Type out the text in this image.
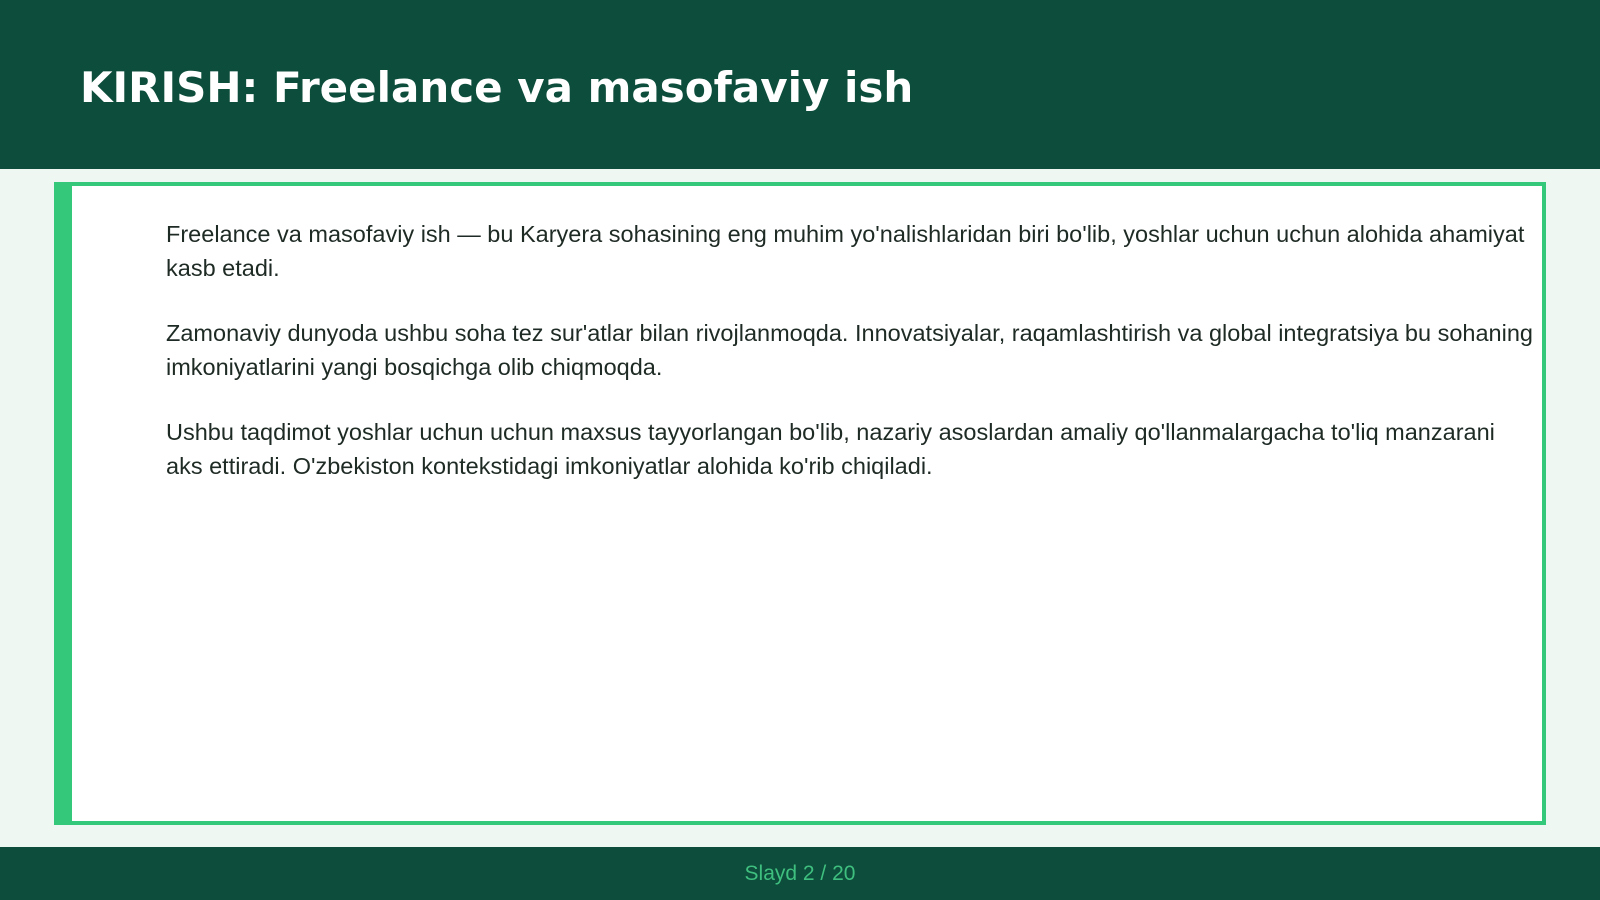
KIRISH: Freelance va masofaviy ish

Freelance va masofaviy ish — bu Karyera sohasining eng muhim yo'nalishlaridan biri bo'lib, yoshlar uchun uchun alohida ahamiyat kasb etadi.

Zamonaviy dunyoda ushbu soha tez sur'atlar bilan rivojlanmoqda. Innovatsiyalar, raqamlashtirish va global integratsiya bu sohaning imkoniyatlarini yangi bosqichga olib chiqmoqda.

Ushbu taqdimot yoshlar uchun uchun maxsus tayyorlangan bo'lib, nazariy asoslardan amaliy qo'llanmalargacha to'liq manzarani aks ettiradi. O'zbekiston kontekstidagi imkoniyatlar alohida ko'rib chiqiladi.

Slayd 2 / 20
